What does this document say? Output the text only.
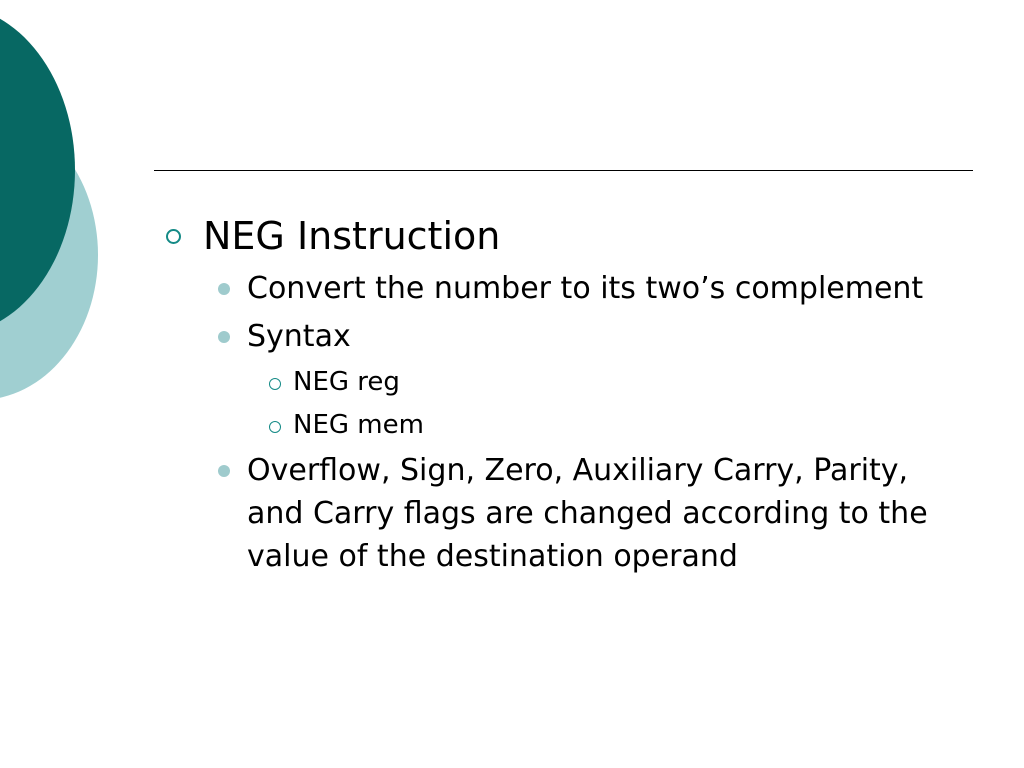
NEG Instruction
Convert the number to its two’s complement
Syntax
NEG reg
NEG mem
Overflow, Sign, Zero, Auxiliary Carry, Parity, and Carry flags are changed according to the value of the destination operand
